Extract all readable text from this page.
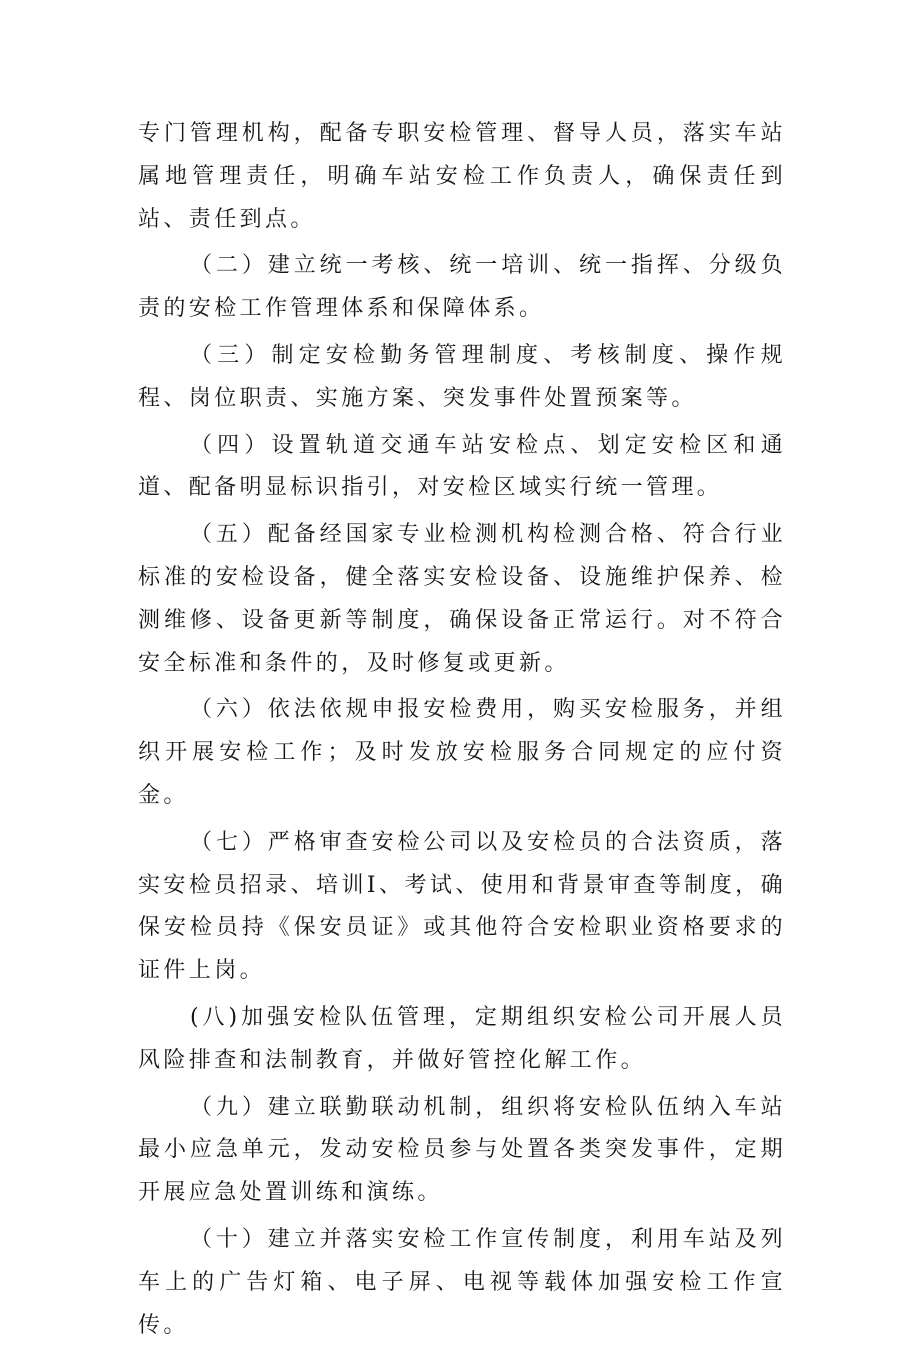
专门管理机构，配备专职安检管理、督导人员，落实车站属地管理责任，明确车站安检工作负责人，确保责任到站、责任到点。

（二）建立统一考核、统一培训、统一指挥、分级负责的安检工作管理体系和保障体系。

（三）制定安检勤务管理制度、考核制度、操作规程、岗位职责、实施方案、突发事件处置预案等。

（四）设置轨道交通车站安检点、划定安检区和通道、配备明显标识指引，对安检区域实行统一管理。

（五）配备经国家专业检测机构检测合格、符合行业标准的安检设备，健全落实安检设备、设施维护保养、检测维修、设备更新等制度，确保设备正常运行。对不符合安全标准和条件的，及时修复或更新。

（六）依法依规申报安检费用，购买安检服务，并组织开展安检工作；及时发放安检服务合同规定的应付资金。

（七）严格审查安检公司以及安检员的合法资质，落实安检员招录、培训I、考试、使用和背景审查等制度，确保安检员持《保安员证》或其他符合安检职业资格要求的证件上岗。

(八)加强安检队伍管理，定期组织安检公司开展人员风险排查和法制教育，并做好管控化解工作。

（九）建立联勤联动机制，组织将安检队伍纳入车站最小应急单元，发动安检员参与处置各类突发事件，定期开展应急处置训练和演练。

（十）建立并落实安检工作宣传制度，利用车站及列车上的广告灯箱、电子屏、电视等载体加强安检工作宣传。
